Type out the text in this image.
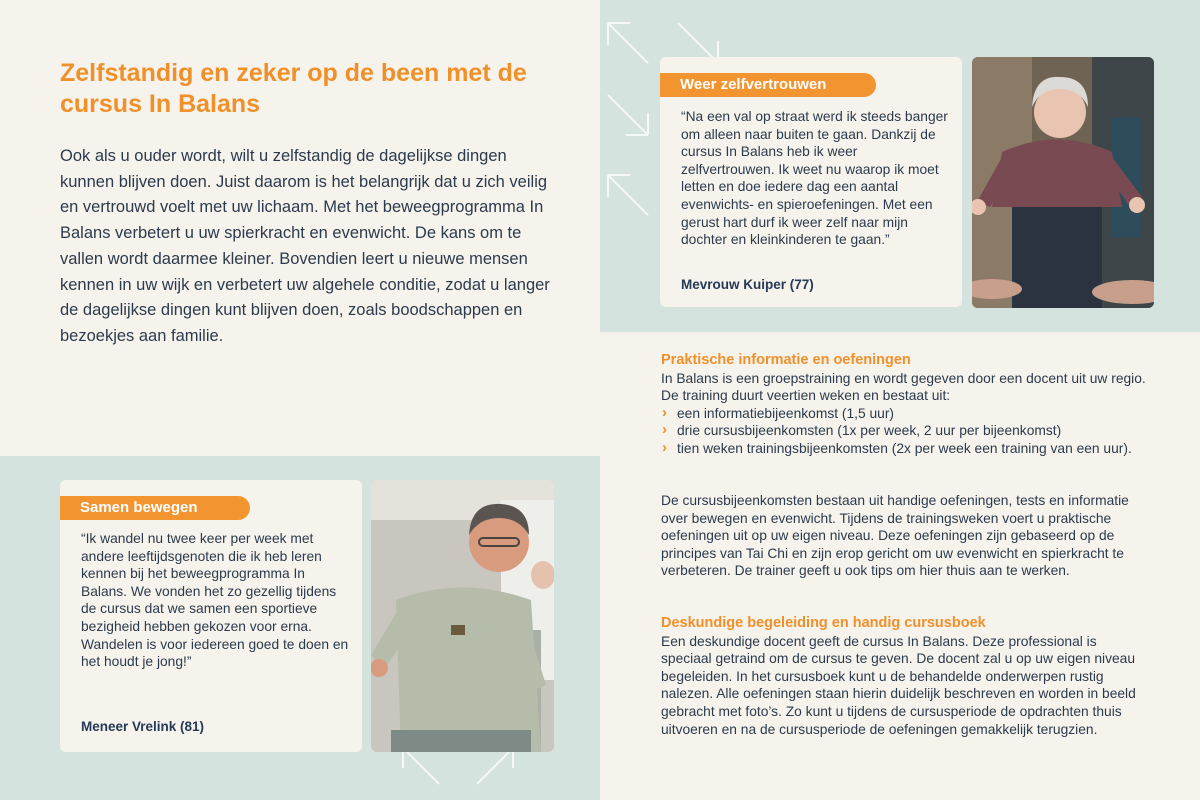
Zelfstandig en zeker op de been met de cursus In Balans
Ook als u ouder wordt, wilt u zelfstandig de dagelijkse dingen kunnen blijven doen. Juist daarom is het belangrijk dat u zich veilig en vertrouwd voelt met uw lichaam. Met het beweegprogramma In Balans verbetert u uw spierkracht en evenwicht. De kans om te vallen wordt daarmee kleiner. Bovendien leert u nieuwe mensen kennen in uw wijk en verbetert uw algehele conditie, zodat u langer de dagelijkse dingen kunt blijven doen, zoals boodschappen en bezoekjes aan familie.
Weer zelfvertrouwen
“Na een val op straat werd ik steeds banger om alleen naar buiten te gaan. Dankzij de cursus In Balans heb ik weer zelfvertrouwen. Ik weet nu waarop ik moet letten en doe iedere dag een aantal evenwichts- en spieroefeningen. Met een gerust hart durf ik weer zelf naar mijn dochter en kleinkinderen te gaan.”
Mevrouw Kuiper (77)
Samen bewegen
“Ik wandel nu twee keer per week met andere leeftijdsgenoten die ik heb leren kennen bij het beweegprogramma In Balans. We vonden het zo gezellig tijdens de cursus dat we samen een sportieve bezigheid hebben gekozen voor erna. Wandelen is voor iedereen goed te doen en het houdt je jong!”
Meneer Vrelink (81)
Praktische informatie en oefeningen
In Balans is een groepstraining en wordt gegeven door een docent uit uw regio. De training duurt veertien weken en bestaat uit:
› een informatiebijeenkomst (1,5 uur)
› drie cursusbijeenkomsten (1x per week, 2 uur per bijeenkomst)
› tien weken trainingsbijeenkomsten (2x per week een training van een uur).
De cursusbijeenkomsten bestaan uit handige oefeningen, tests en informatie over bewegen en evenwicht. Tijdens de trainingsweken voert u praktische oefeningen uit op uw eigen niveau. Deze oefeningen zijn gebaseerd op de principes van Tai Chi en zijn erop gericht om uw evenwicht en spierkracht te verbeteren. De trainer geeft u ook tips om hier thuis aan te werken.
Deskundige begeleiding en handig cursusboek
Een deskundige docent geeft de cursus In Balans. Deze professional is speciaal getraind om de cursus te geven. De docent zal u op uw eigen niveau begeleiden. In het cursusboek kunt u de behandelde onderwerpen rustig nalezen. Alle oefeningen staan hierin duidelijk beschreven en worden in beeld gebracht met foto’s. Zo kunt u tijdens de cursusperiode de opdrachten thuis uitvoeren en na de cursusperiode de oefeningen gemakkelijk terugzien.
